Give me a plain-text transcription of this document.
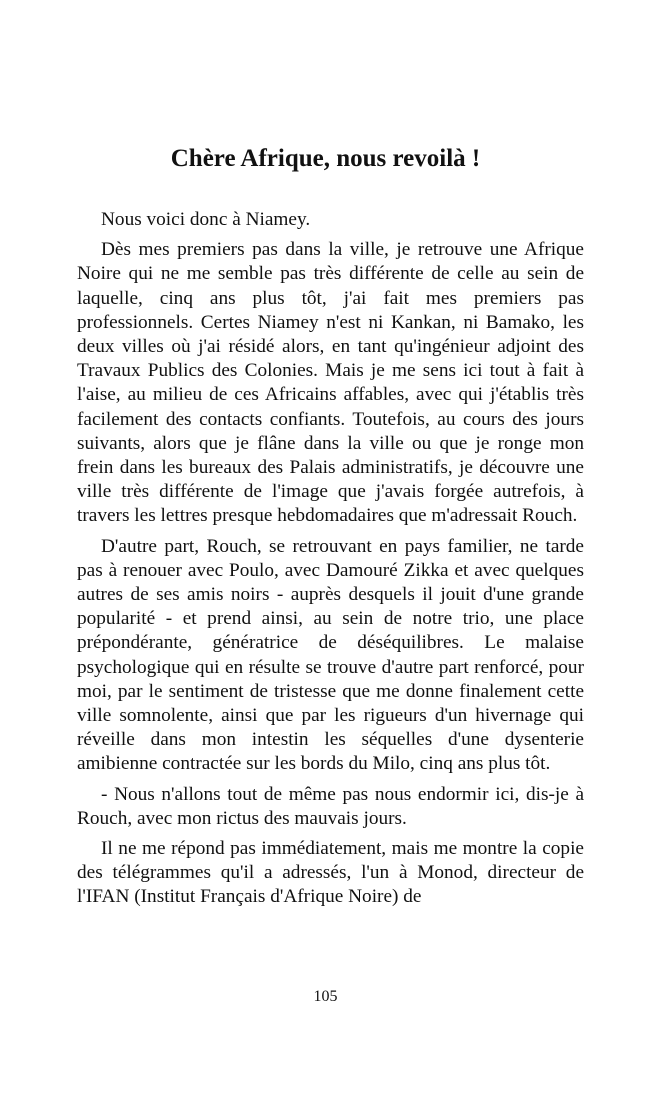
Chère Afrique, nous revoilà !

Nous voici donc à Niamey.

Dès mes premiers pas dans la ville, je retrouve une Afrique Noire qui ne me semble pas très différente de celle au sein de laquelle, cinq ans plus tôt, j'ai fait mes premiers pas professionnels. Certes Niamey n'est ni Kankan, ni Bamako, les deux villes où j'ai résidé alors, en tant qu'ingénieur adjoint des Travaux Publics des Colonies. Mais je me sens ici tout à fait à l'aise, au milieu de ces Africains affables, avec qui j'établis très facilement des contacts confiants. Toutefois, au cours des jours suivants, alors que je flâne dans la ville ou que je ronge mon frein dans les bureaux des Palais administratifs, je découvre une ville très différente de l'image que j'avais forgée autrefois, à travers les lettres presque hebdomadaires que m'adressait Rouch.

D'autre part, Rouch, se retrouvant en pays familier, ne tarde pas à renouer avec Poulo, avec Damouré Zikka et avec quelques autres de ses amis noirs - auprès desquels il jouit d'une grande popularité - et prend ainsi, au sein de notre trio, une place prépondérante, génératrice de déséquilibres. Le malaise psychologique qui en résulte se trouve d'autre part renforcé, pour moi, par le sentiment de tristesse que me donne finalement cette ville somnolente, ainsi que par les rigueurs d'un hivernage qui réveille dans mon intestin les séquelles d'une dysenterie amibienne contractée sur les bords du Milo, cinq ans plus tôt.

- Nous n'allons tout de même pas nous endormir ici, dis-je à Rouch, avec mon rictus des mauvais jours.

Il ne me répond pas immédiatement, mais me montre la copie des télégrammes qu'il a adressés, l'un à Monod, directeur de l'IFAN (Institut Français d'Afrique Noire) de

105
